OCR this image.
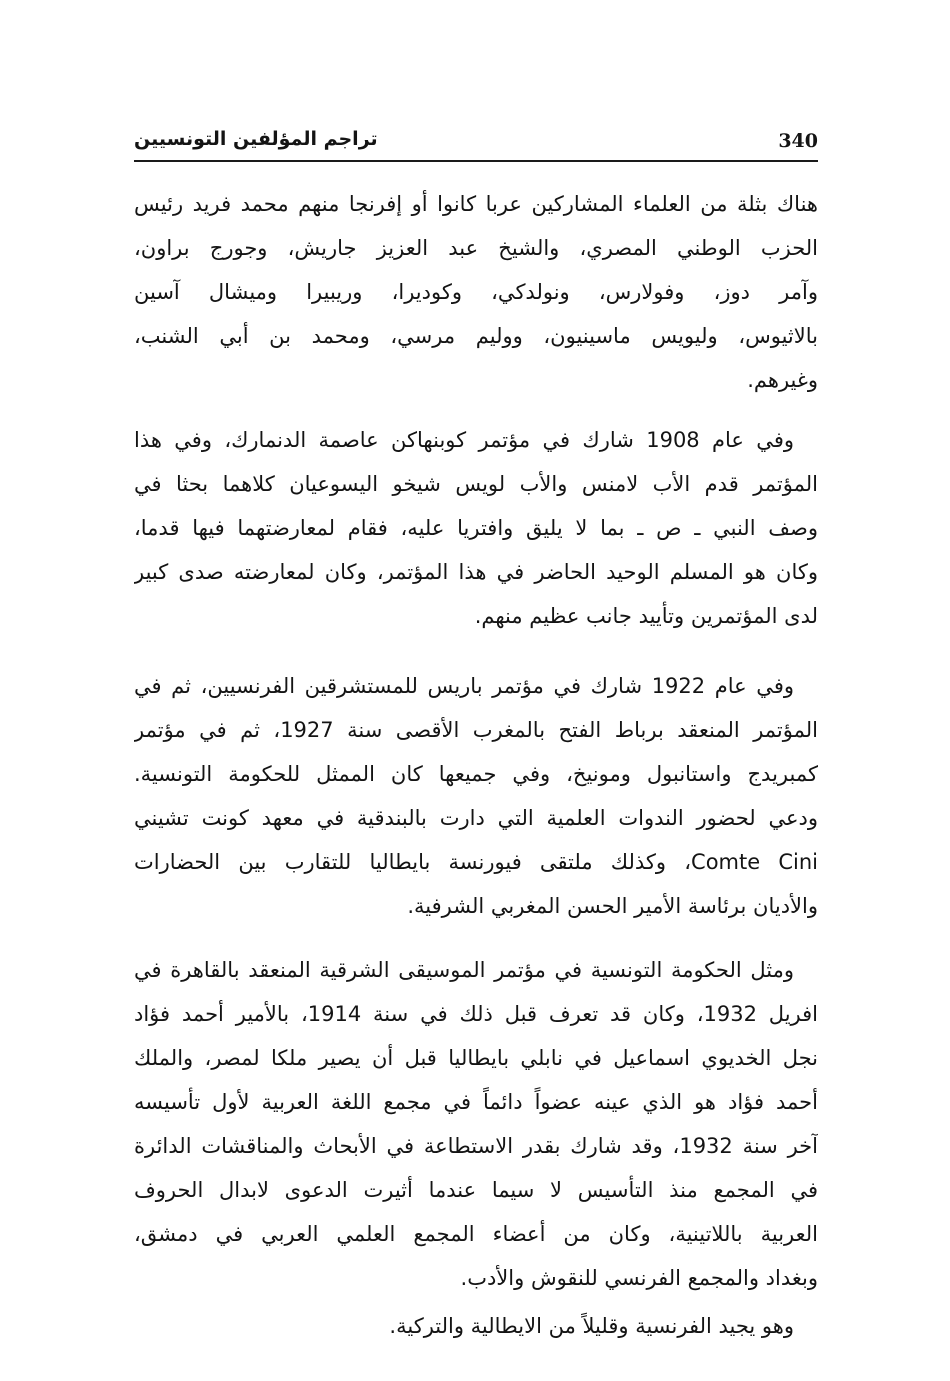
340
تراجم المؤلفين التونسيين
هناك بثلة من العلماء المشاركين عربا كانوا أو إفرنجا منهم محمد فريد رئيس
الحزب الوطني المصري، والشيخ عبد العزيز جاريش، وجورج براون،
وآمر دوز، وفولارس، ونولدكي، وكوديرا، وريبيرا وميشال آسين
بالاثيوس، وليويس ماسينيون، ووليم مرسي، ومحمد بن أبي الشنب،
وغيرهم.
وفي عام 1908 شارك في مؤتمر كوبنهاكن عاصمة الدنمارك، وفي هذا
المؤتمر قدم الأب لامنس والأب لويس شيخو اليسوعيان كلاهما بحثا في
وصف النبي ـ ص ـ بما لا يليق وافتريا عليه، فقام لمعارضتهما فيها قدما،
وكان هو المسلم الوحيد الحاضر في هذا المؤتمر، وكان لمعارضته صدى كبير
لدى المؤتمرين وتأييد جانب عظيم منهم.
وفي عام 1922 شارك في مؤتمر باريس للمستشرقين الفرنسيين، ثم في
المؤتمر المنعقد برباط الفتح بالمغرب الأقصى سنة 1927، ثم في مؤتمر
كمبريدج واستانبول ومونيخ، وفي جميعها كان الممثل للحكومة التونسية.
ودعي لحضور الندوات العلمية التي دارت بالبندقية في معهد كونت تشيني
Comte Cini، وكذلك ملتقى فيورنسة بايطاليا للتقارب بين الحضارات
والأديان برئاسة الأمير الحسن المغربي الشرفية.
ومثل الحكومة التونسية في مؤتمر الموسيقى الشرقية المنعقد بالقاهرة في
افريل 1932، وكان قد تعرف قبل ذلك في سنة 1914، بالأمير أحمد فؤاد
نجل الخديوي اسماعيل في نابلي بايطاليا قبل أن يصير ملكا لمصر، والملك
أحمد فؤاد هو الذي عينه عضواً دائماً في مجمع اللغة العربية لأول تأسيسه
آخر سنة 1932، وقد شارك بقدر الاستطاعة في الأبحاث والمناقشات الدائرة
في المجمع منذ التأسيس لا سيما عندما أثيرت الدعوى لابدال الحروف
العربية باللاتينية، وكان من أعضاء المجمع العلمي العربي في دمشق،
وبغداد والمجمع الفرنسي للنقوش والأدب.
وهو يجيد الفرنسية وقليلاً من الايطالية والتركية.
